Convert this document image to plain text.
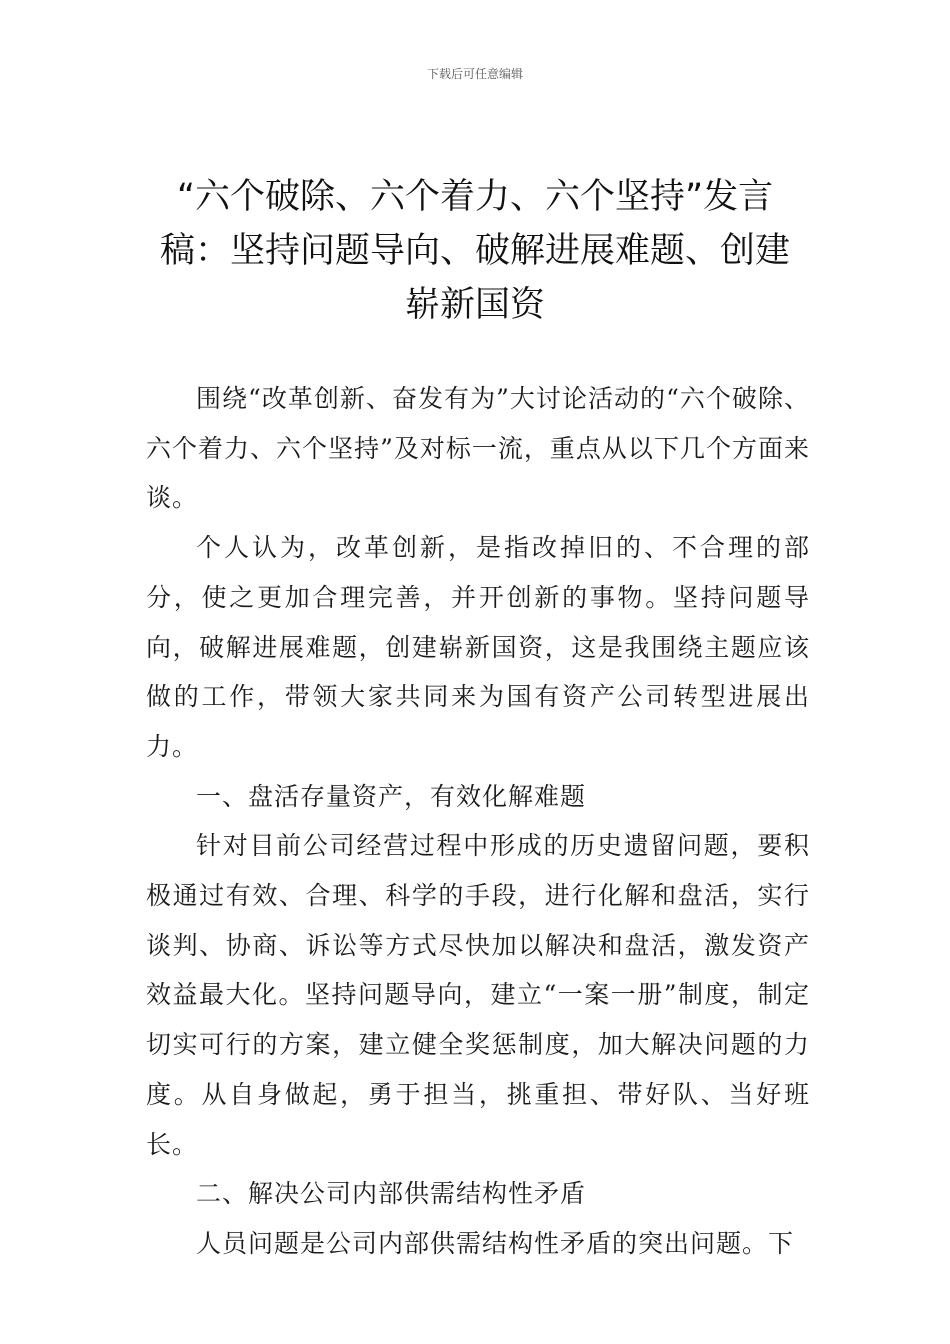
下载后可任意编辑
“六个破除、六个着力、六个坚持”发言稿：坚持问题导向、破解进展难题、创建崭新国资

围绕“改革创新、奋发有为”大讨论活动的“六个破除、六个着力、六个坚持”及对标一流，重点从以下几个方面来谈。

个人认为，改革创新，是指改掉旧的、不合理的部分，使之更加合理完善，并开创新的事物。坚持问题导向，破解进展难题，创建崭新国资，这是我围绕主题应该做的工作，带领大家共同来为国有资产公司转型进展出力。

一、盘活存量资产，有效化解难题

针对目前公司经营过程中形成的历史遗留问题，要积极通过有效、合理、科学的手段，进行化解和盘活，实行谈判、协商、诉讼等方式尽快加以解决和盘活，激发资产效益最大化。坚持问题导向，建立“一案一册”制度，制定切实可行的方案，建立健全奖惩制度，加大解决问题的力度。从自身做起，勇于担当，挑重担、带好队、当好班长。

二、解决公司内部供需结构性矛盾

人员问题是公司内部供需结构性矛盾的突出问题。下
